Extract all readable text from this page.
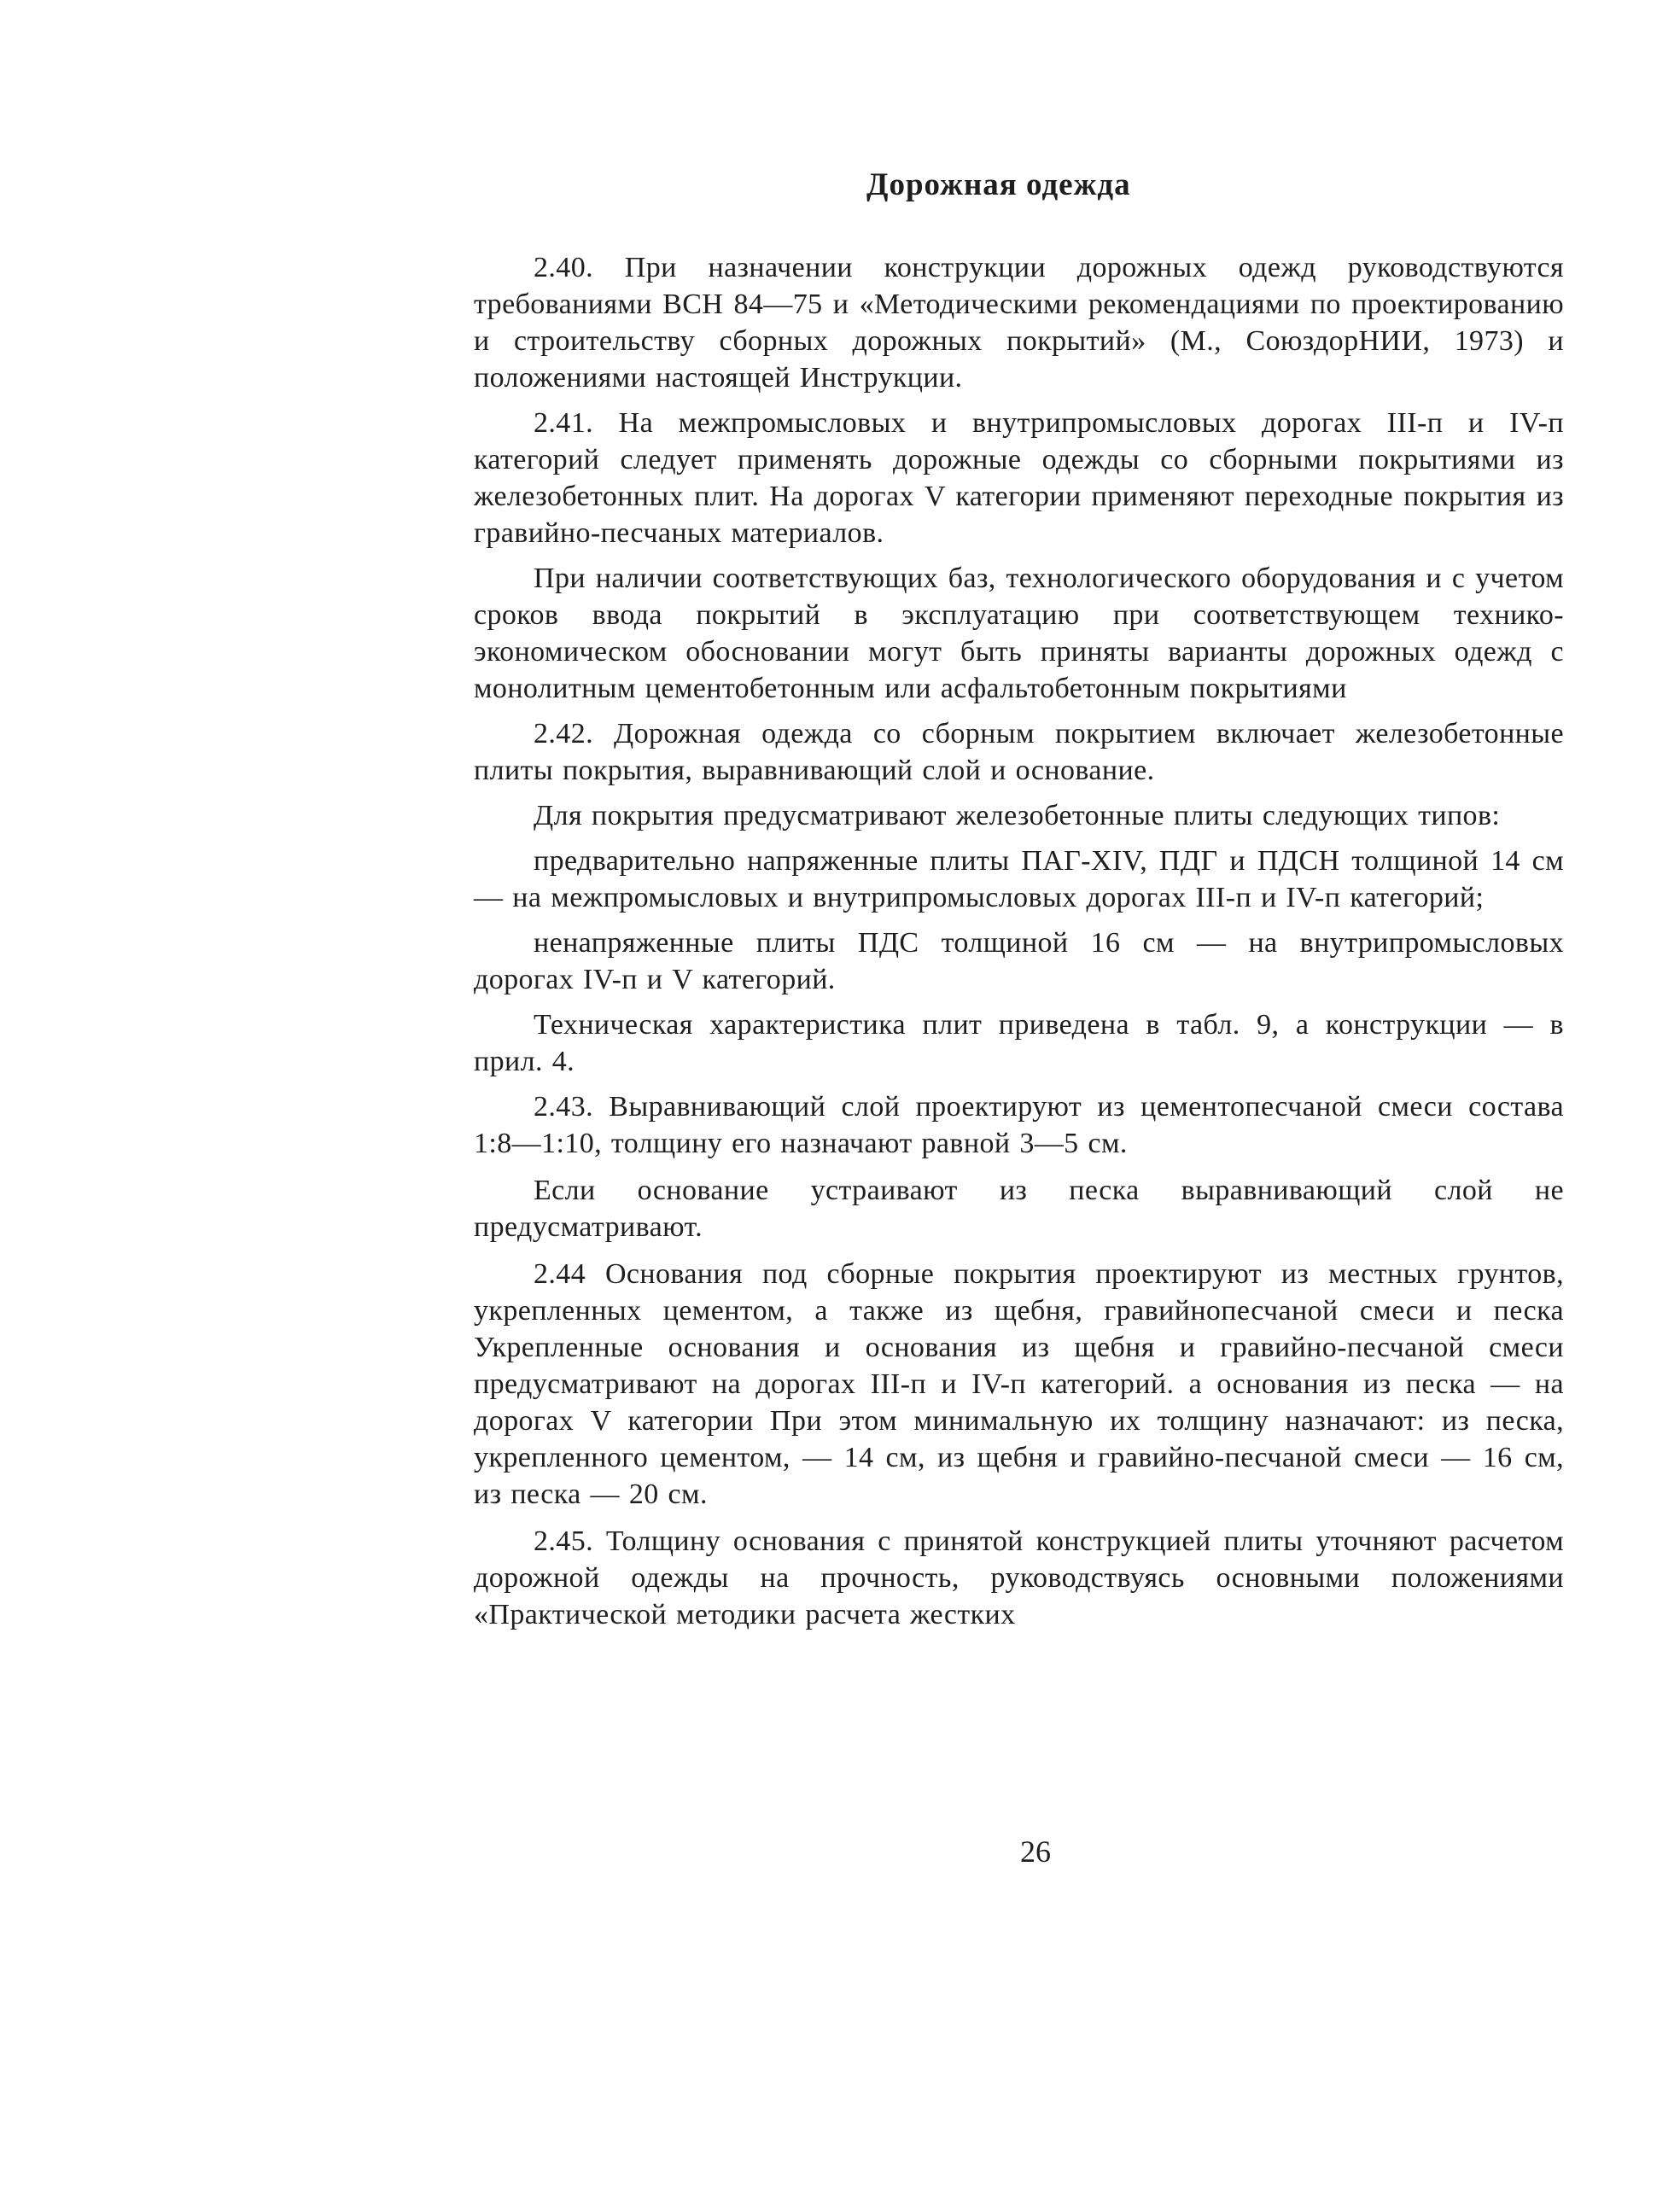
Дорожная одежда

2.40. При назначении конструкции дорожных одежд руководствуются требованиями ВСН 84—75 и «Методическими рекомендациями по проектированию и строительству сборных дорожных покрытий» (М., СоюздорНИИ, 1973) и положениями настоящей Инструкции.

2.41. На межпромысловых и внутрипромысловых дорогах III-п и IV-п категорий следует применять дорожные одежды со сборными покрытиями из железобетонных плит. На дорогах V категории применяют переходные покрытия из гравийно-песчаных материалов.

При наличии соответствующих баз, технологического оборудования и с учетом сроков ввода покрытий в эксплуатацию при соответствующем технико-экономическом обосновании могут быть приняты варианты дорожных одежд с монолитным цементобетонным или асфальтобетонным покрытиями

2.42. Дорожная одежда со сборным покрытием включает железобетонные плиты покрытия, выравнивающий слой и основание.

Для покрытия предусматривают железобетонные плиты следующих типов:

предварительно напряженные плиты ПАГ-XIV, ПДГ и ПДСН толщиной 14 см — на межпромысловых и внутрипромысловых дорогах III-п и IV-п категорий;

ненапряженные плиты ПДС толщиной 16 см — на внутрипромысловых дорогах IV-п и V категорий.

Техническая характеристика плит приведена в табл. 9, а конструкции — в прил. 4.

2.43. Выравнивающий слой проектируют из цементопесчаной смеси состава 1:8—1:10, толщину его назначают равной 3—5 см.

Если основание устраивают из песка выравнивающий слой не предусматривают.

2.44 Основания под сборные покрытия проектируют из местных грунтов, укрепленных цементом, а также из щебня, гравийнопесчаной смеси и песка Укрепленные основания и основания из щебня и гравийно-песчаной смеси предусматривают на дорогах III-п и IV-п категорий. а основания из песка — на дорогах V категории При этом минимальную их толщину назначают: из песка, укрепленного цементом, — 14 см, из щебня и гравийно-песчаной смеси — 16 см, из песка — 20 см.

2.45. Толщину основания с принятой конструкцией плиты уточняют расчетом дорожной одежды на прочность, руководствуясь основными положениями «Практической методики расчета жестких

26
